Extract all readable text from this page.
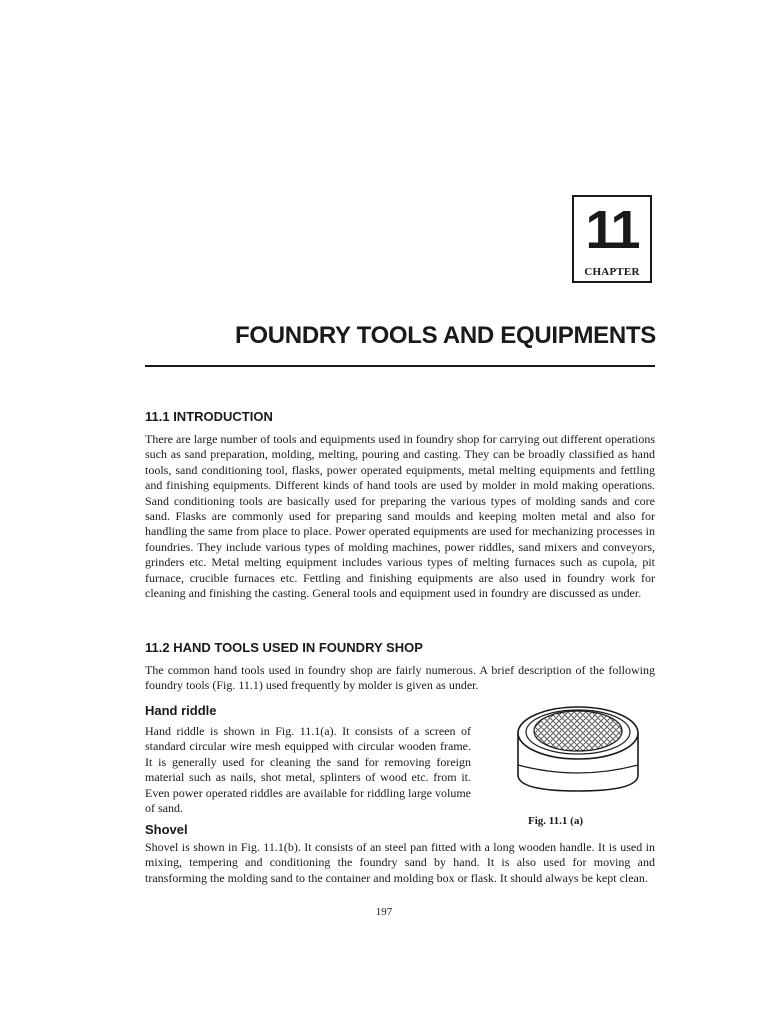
11
CHAPTER
FOUNDRY TOOLS AND EQUIPMENTS
11.1 INTRODUCTION

There are large number of tools and equipments used in foundry shop for carrying out different operations such as sand preparation, molding, melting, pouring and casting. They can be broadly classified as hand tools, sand conditioning tool, flasks, power operated equipments, metal melting equipments and fettling and finishing equipments. Different kinds of hand tools are used by molder in mold making operations. Sand conditioning tools are basically used for preparing the various types of molding sands and core sand. Flasks are commonly used for preparing sand moulds and keeping molten metal and also for handling the same from place to place. Power operated equipments are used for mechanizing processes in foundries. They include various types of molding machines, power riddles, sand mixers and conveyors, grinders etc. Metal melting equipment includes various types of melting furnaces such as cupola, pit furnace, crucible furnaces etc. Fettling and finishing equipments are also used in foundry work for cleaning and finishing the casting. General tools and equipment used in foundry are discussed as under.

11.2 HAND TOOLS USED IN FOUNDRY SHOP

The common hand tools used in foundry shop are fairly numerous. A brief description of the following foundry tools (Fig. 11.1) used frequently by molder is given as under.

Hand riddle

Hand riddle is shown in Fig. 11.1(a). It consists of a screen of standard circular wire mesh equipped with circular wooden frame. It is generally used for cleaning the sand for removing foreign material such as nails, shot metal, splinters of wood etc. from it. Even power operated riddles are available for riddling large volume of sand.

Fig. 11.1 (a)
Shovel

Shovel is shown in Fig. 11.1(b). It consists of an steel pan fitted with a long wooden handle. It is used in mixing, tempering and conditioning the foundry sand by hand. It is also used for moving and transforming the molding sand to the container and molding box or flask. It should always be kept clean.

197
